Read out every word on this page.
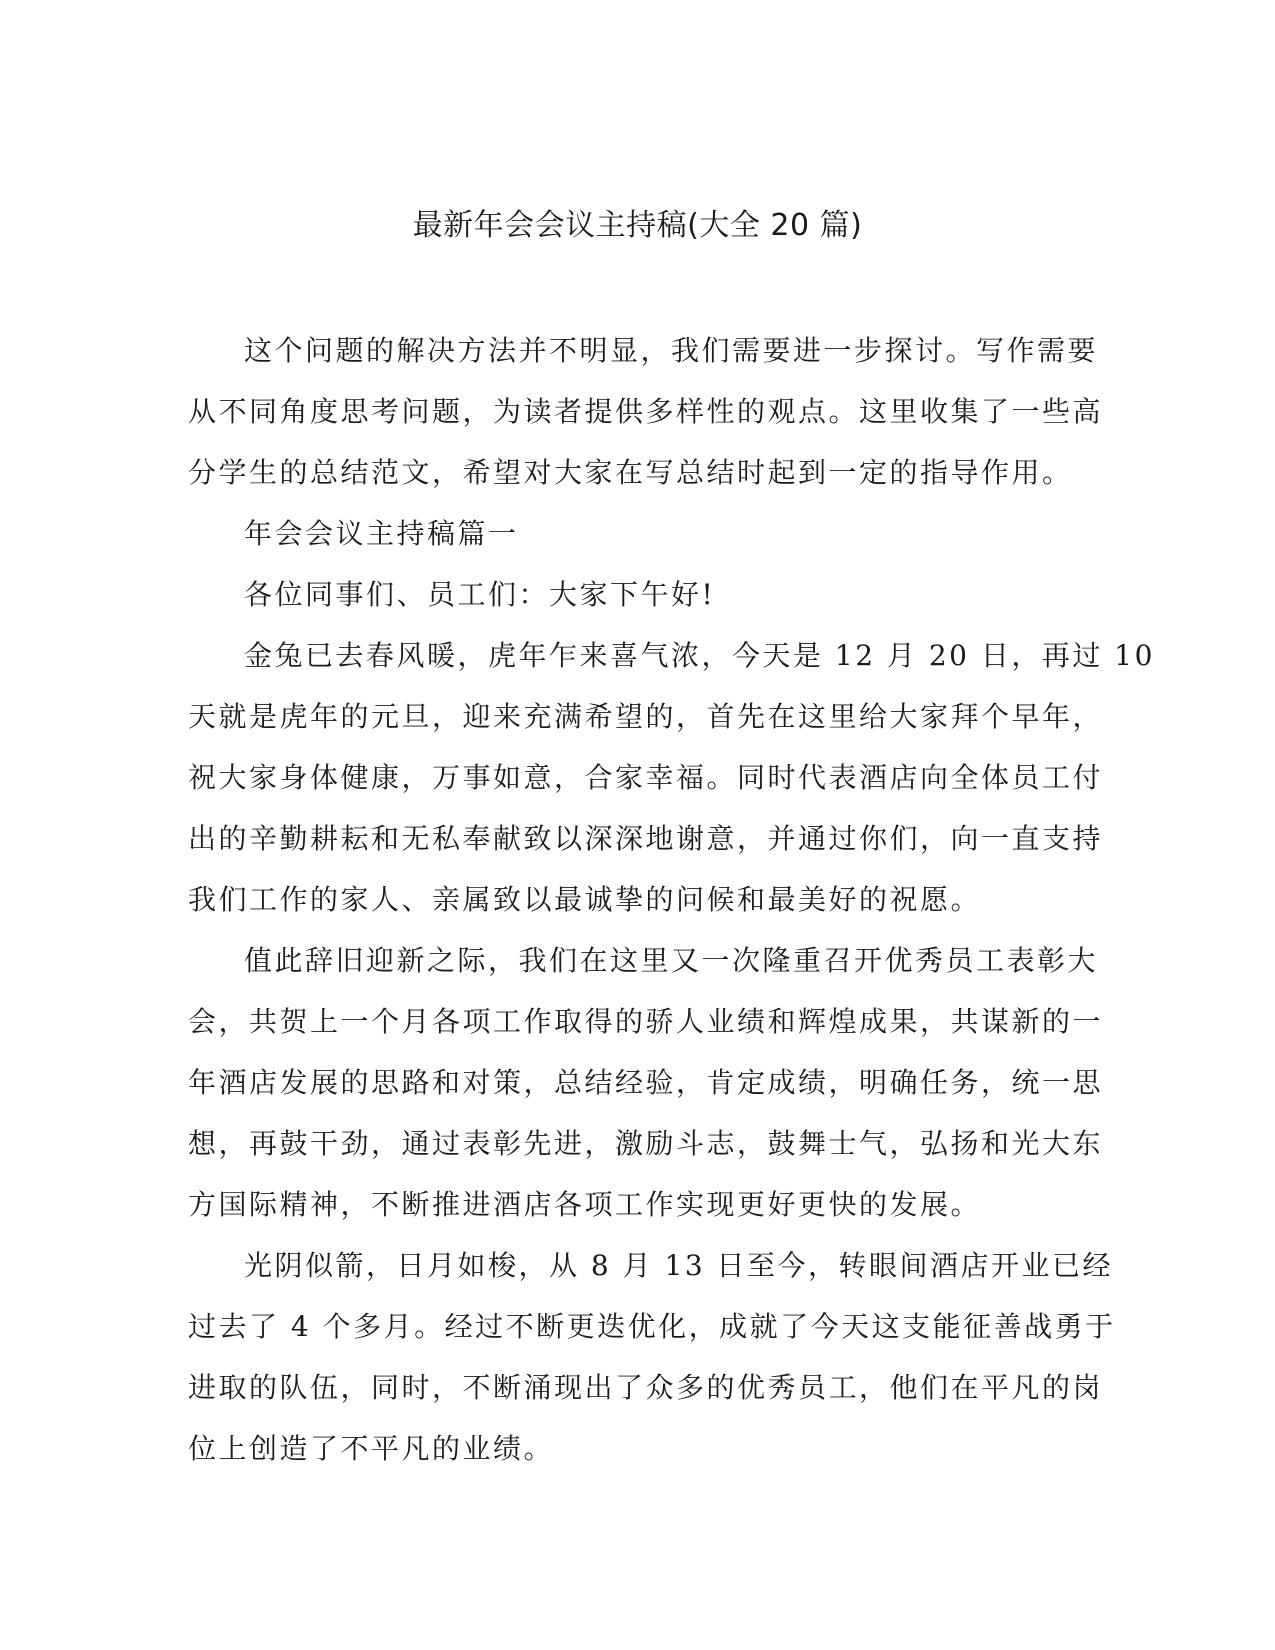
最新年会会议主持稿(大全 20 篇)
这个问题的解决方法并不明显，我们需要进一步探讨。写作需要
从不同角度思考问题，为读者提供多样性的观点。这里收集了一些高
分学生的总结范文，希望对大家在写总结时起到一定的指导作用。
年会会议主持稿篇一
各位同事们、员工们：大家下午好!
金兔已去春风暖，虎年乍来喜气浓，今天是 12 月 20 日，再过 10
天就是虎年的元旦，迎来充满希望的，首先在这里给大家拜个早年，
祝大家身体健康，万事如意，合家幸福。同时代表酒店向全体员工付
出的辛勤耕耘和无私奉献致以深深地谢意，并通过你们，向一直支持
我们工作的家人、亲属致以最诚挚的问候和最美好的祝愿。
值此辞旧迎新之际，我们在这里又一次隆重召开优秀员工表彰大
会，共贺上一个月各项工作取得的骄人业绩和辉煌成果，共谋新的一
年酒店发展的思路和对策，总结经验，肯定成绩，明确任务，统一思
想，再鼓干劲，通过表彰先进，激励斗志，鼓舞士气，弘扬和光大东
方国际精神，不断推进酒店各项工作实现更好更快的发展。
光阴似箭，日月如梭，从 8 月 13 日至今，转眼间酒店开业已经
过去了 4 个多月。经过不断更迭优化，成就了今天这支能征善战勇于
进取的队伍，同时，不断涌现出了众多的优秀员工，他们在平凡的岗
位上创造了不平凡的业绩。
